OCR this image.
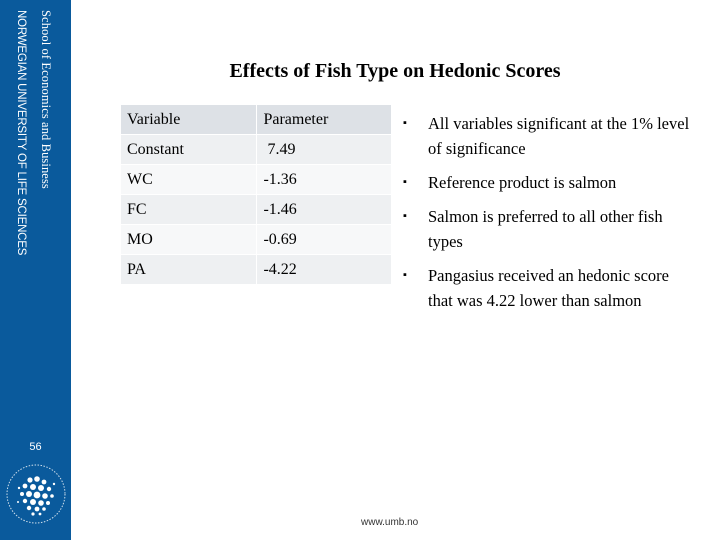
School of Economics and Business
NORWEGIAN UNIVERSITY OF LIFE SCIENCES
56
Effects of Fish Type on Hedonic Scores
Variable	Parameter
Constant	7.49
WC	-1.36
FC	-1.46
MO	-0.69
PA	-4.22
▪ All variables significant at the 1% level of significance
▪ Reference product is salmon
▪ Salmon is preferred to all other fish types
▪ Pangasius received an hedonic score that was 4.22 lower than salmon
www.umb.no
